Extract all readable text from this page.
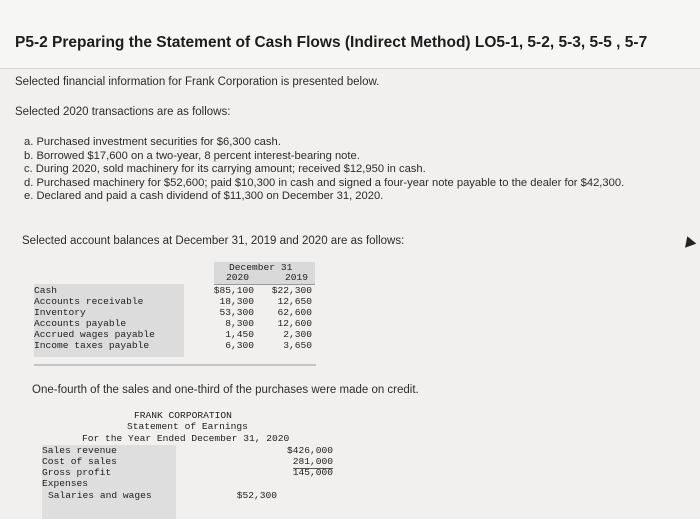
P5-2 Preparing the Statement of Cash Flows (Indirect Method) LO5-1, 5-2, 5-3, 5-5 , 5-7
Selected financial information for Frank Corporation is presented below.
Selected 2020 transactions are as follows:
a. Purchased investment securities for $6,300 cash.
b. Borrowed $17,600 on a two-year, 8 percent interest-bearing note.
c. During 2020, sold machinery for its carrying amount; received $12,950 in cash.
d. Purchased machinery for $52,600; paid $10,300 in cash and signed a four-year note payable to the dealer for $42,300.
e. Declared and paid a cash dividend of $11,300 on December 31, 2020.
Selected account balances at December 31, 2019 and 2020 are as follows:
December 31
2020	2019
Cash	$85,100 $22,300
Accounts receivable	18,300 12,650
Inventory	53,300 62,600
Accounts payable	8,300 12,600
Accrued wages payable	1,450	2,300
Income taxes payable	6,300	3,650
One-fourth of the sales and one-third of the purchases were made on credit.
FRANK CORPORATION
Statement of Earnings
For the Year Ended December 31, 2020
Sales revenue	$426,000
Cost of sales	281,000
Gross profit	145,000
Expenses
Salaries and wages	$52,300
